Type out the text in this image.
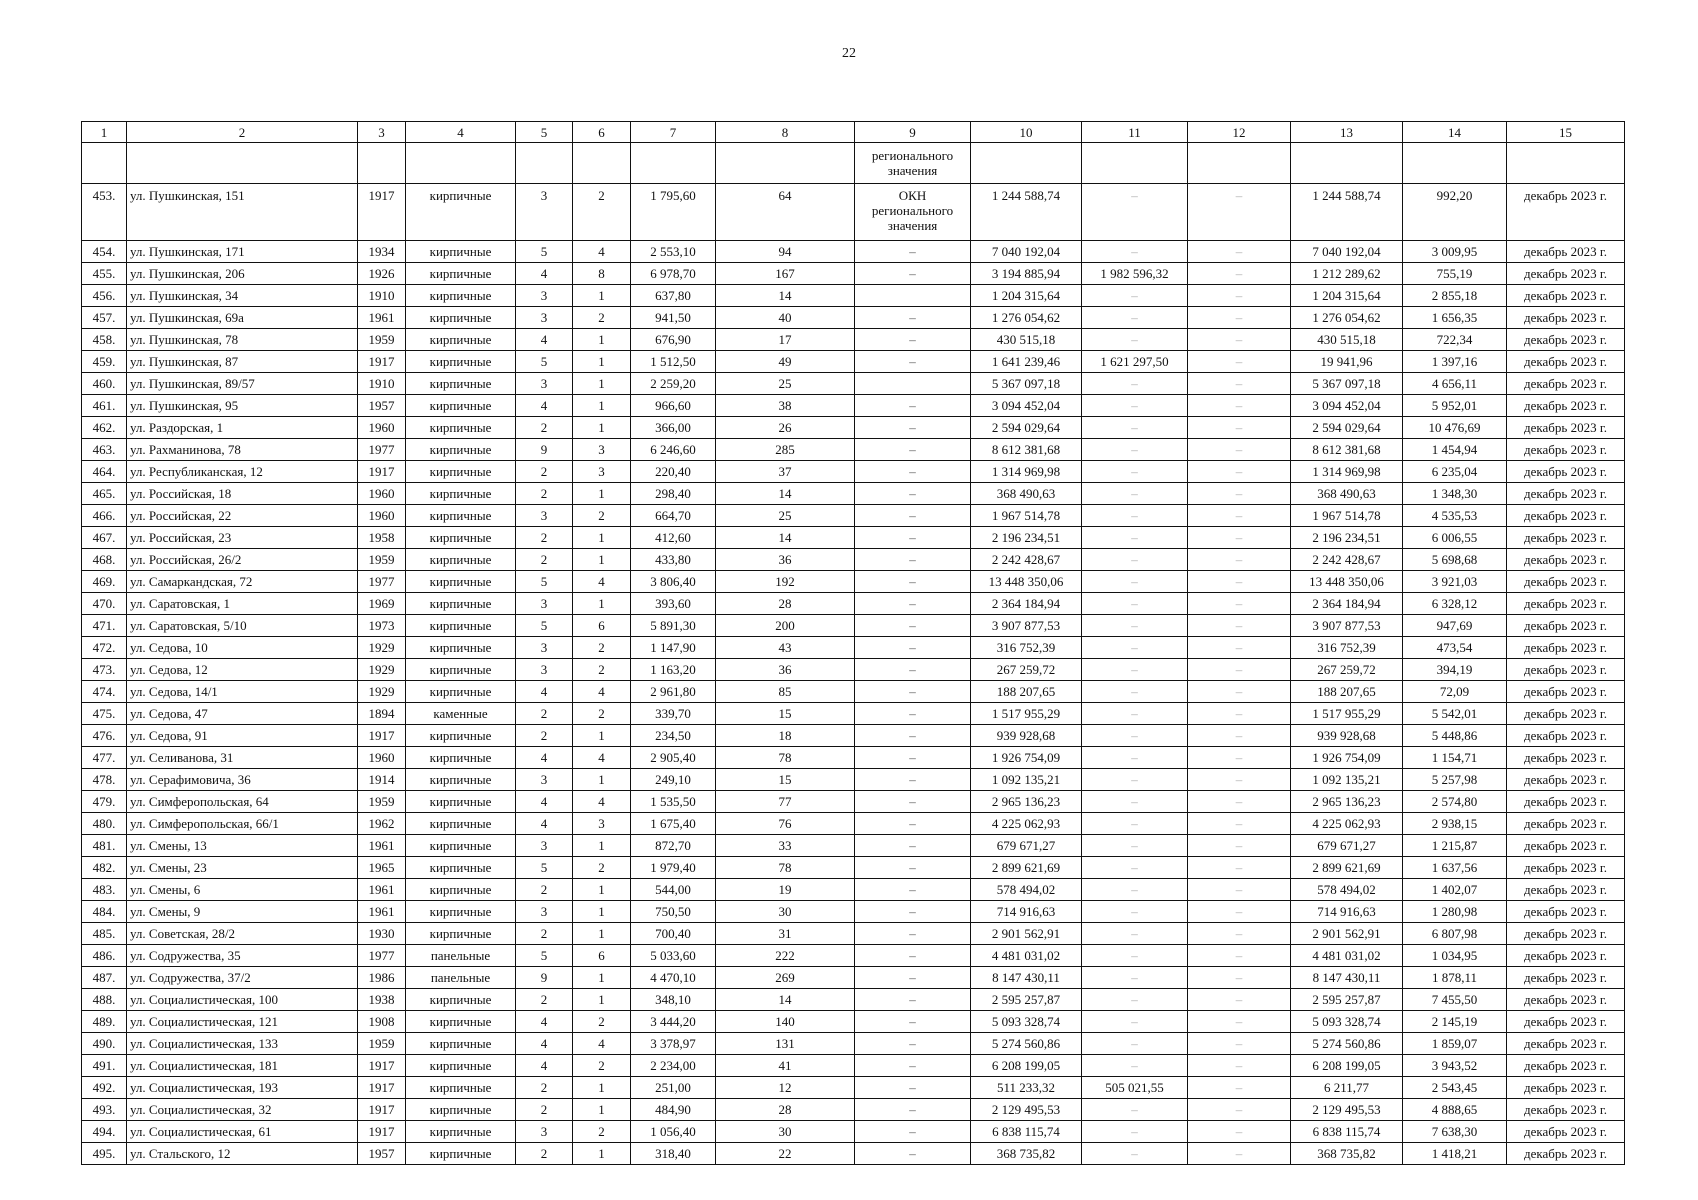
22
1	2	3	4	5	6	7	8	9	10	11	12	13	14	15
								регионального значения						
453.	ул. Пушкинская, 151	1917	кирпичные	3	2	1 795,60	64	ОКН регионального значения	1 244 588,74	–	–	1 244 588,74	992,20	декабрь 2023 г.
454.	ул. Пушкинская, 171	1934	кирпичные	5	4	2 553,10	94	–	7 040 192,04	–	–	7 040 192,04	3 009,95	декабрь 2023 г.
455.	ул. Пушкинская, 206	1926	кирпичные	4	8	6 978,70	167	–	3 194 885,94	1 982 596,32	–	1 212 289,62	755,19	декабрь 2023 г.
456.	ул. Пушкинская, 34	1910	кирпичные	3	1	637,80	14		1 204 315,64	–	–	1 204 315,64	2 855,18	декабрь 2023 г.
457.	ул. Пушкинская, 69а	1961	кирпичные	3	2	941,50	40	–	1 276 054,62	–	–	1 276 054,62	1 656,35	декабрь 2023 г.
458.	ул. Пушкинская, 78	1959	кирпичные	4	1	676,90	17	–	430 515,18	–	–	430 515,18	722,34	декабрь 2023 г.
459.	ул. Пушкинская, 87	1917	кирпичные	5	1	1 512,50	49	–	1 641 239,46	1 621 297,50	–	19 941,96	1 397,16	декабрь 2023 г.
460.	ул. Пушкинская, 89/57	1910	кирпичные	3	1	2 259,20	25		5 367 097,18	–	–	5 367 097,18	4 656,11	декабрь 2023 г.
461.	ул. Пушкинская, 95	1957	кирпичные	4	1	966,60	38	–	3 094 452,04	–	–	3 094 452,04	5 952,01	декабрь 2023 г.
462.	ул. Раздорская, 1	1960	кирпичные	2	1	366,00	26	–	2 594 029,64	–	–	2 594 029,64	10 476,69	декабрь 2023 г.
463.	ул. Рахманинова, 78	1977	кирпичные	9	3	6 246,60	285	–	8 612 381,68	–	–	8 612 381,68	1 454,94	декабрь 2023 г.
464.	ул. Республиканская, 12	1917	кирпичные	2	3	220,40	37	–	1 314 969,98	–	–	1 314 969,98	6 235,04	декабрь 2023 г.
465.	ул. Российская, 18	1960	кирпичные	2	1	298,40	14	–	368 490,63	–	–	368 490,63	1 348,30	декабрь 2023 г.
466.	ул. Российская, 22	1960	кирпичные	3	2	664,70	25	–	1 967 514,78	–	–	1 967 514,78	4 535,53	декабрь 2023 г.
467.	ул. Российская, 23	1958	кирпичные	2	1	412,60	14	–	2 196 234,51	–	–	2 196 234,51	6 006,55	декабрь 2023 г.
468.	ул. Российская, 26/2	1959	кирпичные	2	1	433,80	36	–	2 242 428,67	–	–	2 242 428,67	5 698,68	декабрь 2023 г.
469.	ул. Самаркандская, 72	1977	кирпичные	5	4	3 806,40	192	–	13 448 350,06	–	–	13 448 350,06	3 921,03	декабрь 2023 г.
470.	ул. Саратовская, 1	1969	кирпичные	3	1	393,60	28	–	2 364 184,94	–	–	2 364 184,94	6 328,12	декабрь 2023 г.
471.	ул. Саратовская, 5/10	1973	кирпичные	5	6	5 891,30	200	–	3 907 877,53	–	–	3 907 877,53	947,69	декабрь 2023 г.
472.	ул. Седова, 10	1929	кирпичные	3	2	1 147,90	43	–	316 752,39	–	–	316 752,39	473,54	декабрь 2023 г.
473.	ул. Седова, 12	1929	кирпичные	3	2	1 163,20	36	–	267 259,72	–	–	267 259,72	394,19	декабрь 2023 г.
474.	ул. Седова, 14/1	1929	кирпичные	4	4	2 961,80	85	–	188 207,65	–	–	188 207,65	72,09	декабрь 2023 г.
475.	ул. Седова, 47	1894	каменные	2	2	339,70	15	–	1 517 955,29	–	–	1 517 955,29	5 542,01	декабрь 2023 г.
476.	ул. Седова, 91	1917	кирпичные	2	1	234,50	18	–	939 928,68	–	–	939 928,68	5 448,86	декабрь 2023 г.
477.	ул. Селиванова, 31	1960	кирпичные	4	4	2 905,40	78	–	1 926 754,09	–	–	1 926 754,09	1 154,71	декабрь 2023 г.
478.	ул. Серафимовича, 36	1914	кирпичные	3	1	249,10	15	–	1 092 135,21	–	–	1 092 135,21	5 257,98	декабрь 2023 г.
479.	ул. Симферопольская, 64	1959	кирпичные	4	4	1 535,50	77	–	2 965 136,23	–	–	2 965 136,23	2 574,80	декабрь 2023 г.
480.	ул. Симферопольская, 66/1	1962	кирпичные	4	3	1 675,40	76	–	4 225 062,93	–	–	4 225 062,93	2 938,15	декабрь 2023 г.
481.	ул. Смены, 13	1961	кирпичные	3	1	872,70	33	–	679 671,27	–	–	679 671,27	1 215,87	декабрь 2023 г.
482.	ул. Смены, 23	1965	кирпичные	5	2	1 979,40	78	–	2 899 621,69	–	–	2 899 621,69	1 637,56	декабрь 2023 г.
483.	ул. Смены, 6	1961	кирпичные	2	1	544,00	19	–	578 494,02	–	–	578 494,02	1 402,07	декабрь 2023 г.
484.	ул. Смены, 9	1961	кирпичные	3	1	750,50	30	–	714 916,63	–	–	714 916,63	1 280,98	декабрь 2023 г.
485.	ул. Советская, 28/2	1930	кирпичные	2	1	700,40	31	–	2 901 562,91	–	–	2 901 562,91	6 807,98	декабрь 2023 г.
486.	ул. Содружества, 35	1977	панельные	5	6	5 033,60	222	–	4 481 031,02	–	–	4 481 031,02	1 034,95	декабрь 2023 г.
487.	ул. Содружества, 37/2	1986	панельные	9	1	4 470,10	269	–	8 147 430,11	–	–	8 147 430,11	1 878,11	декабрь 2023 г.
488.	ул. Социалистическая, 100	1938	кирпичные	2	1	348,10	14	–	2 595 257,87	–	–	2 595 257,87	7 455,50	декабрь 2023 г.
489.	ул. Социалистическая, 121	1908	кирпичные	4	2	3 444,20	140	–	5 093 328,74	–	–	5 093 328,74	2 145,19	декабрь 2023 г.
490.	ул. Социалистическая, 133	1959	кирпичные	4	4	3 378,97	131	–	5 274 560,86	–	–	5 274 560,86	1 859,07	декабрь 2023 г.
491.	ул. Социалистическая, 181	1917	кирпичные	4	2	2 234,00	41	–	6 208 199,05	–	–	6 208 199,05	3 943,52	декабрь 2023 г.
492.	ул. Социалистическая, 193	1917	кирпичные	2	1	251,00	12	–	511 233,32	505 021,55	–	6 211,77	2 543,45	декабрь 2023 г.
493.	ул. Социалистическая, 32	1917	кирпичные	2	1	484,90	28	–	2 129 495,53	–	–	2 129 495,53	4 888,65	декабрь 2023 г.
494.	ул. Социалистическая, 61	1917	кирпичные	3	2	1 056,40	30	–	6 838 115,74	–	–	6 838 115,74	7 638,30	декабрь 2023 г.
495.	ул. Стальского, 12	1957	кирпичные	2	1	318,40	22	–	368 735,82	–	–	368 735,82	1 418,21	декабрь 2023 г.
